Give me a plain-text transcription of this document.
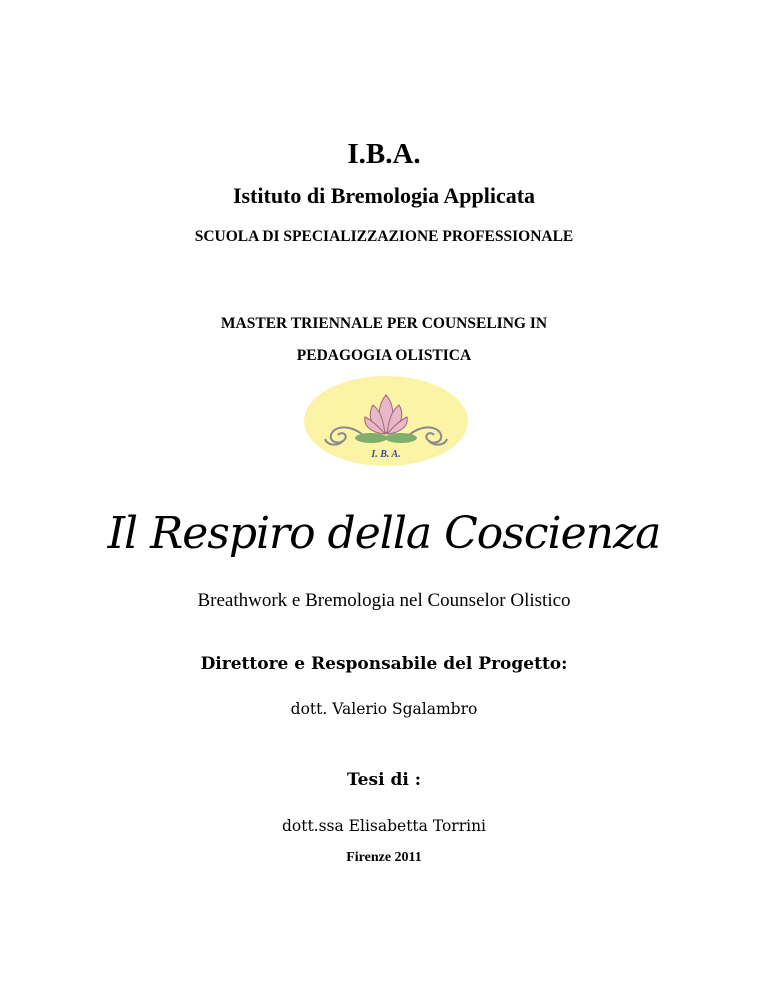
I.B.A.
Istituto di Bremologia Applicata
SCUOLA DI SPECIALIZZAZIONE PROFESSIONALE
MASTER TRIENNALE PER COUNSELING IN
PEDAGOGIA OLISTICA
I. B. A.
Il Respiro della Coscienza
Breathwork e Bremologia nel Counselor Olistico
Direttore e Responsabile del Progetto:
dott. Valerio Sgalambro
Tesi di :
dott.ssa Elisabetta Torrini
Firenze 2011
